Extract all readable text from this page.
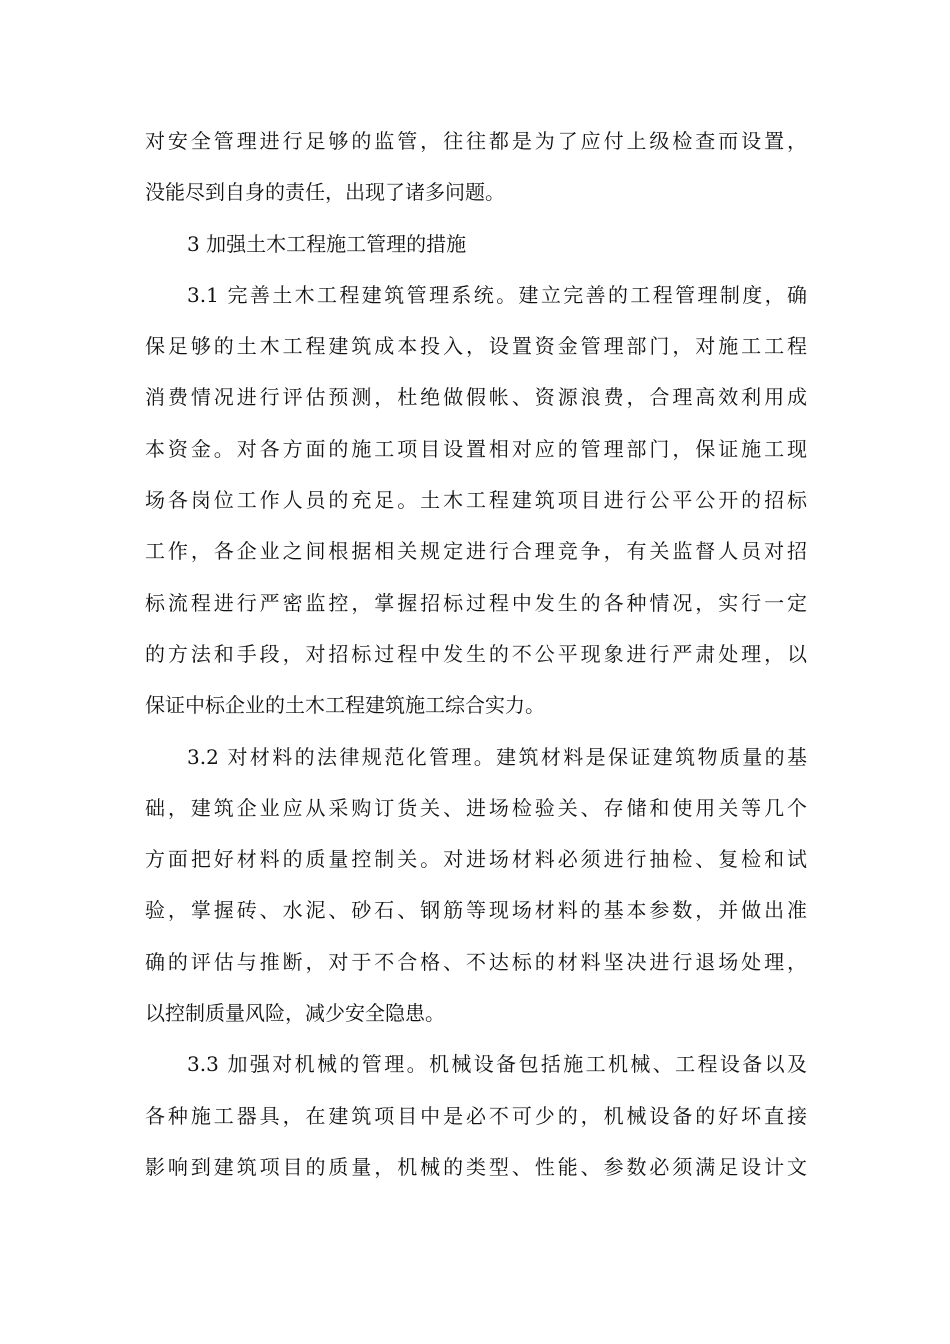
对安全管理进行足够的监管，往往都是为了应付上级检查而设置，
没能尽到自身的责任，出现了诸多问题。
3 加强土木工程施工管理的措施
3.1 完善土木工程建筑管理系统。建立完善的工程管理制度，确
保足够的土木工程建筑成本投入，设置资金管理部门，对施工工程
消费情况进行评估预测，杜绝做假帐、资源浪费，合理高效利用成
本资金。对各方面的施工项目设置相对应的管理部门，保证施工现
场各岗位工作人员的充足。土木工程建筑项目进行公平公开的招标
工作，各企业之间根据相关规定进行合理竞争，有关监督人员对招
标流程进行严密监控，掌握招标过程中发生的各种情况，实行一定
的方法和手段，对招标过程中发生的不公平现象进行严肃处理，以
保证中标企业的土木工程建筑施工综合实力。
3.2 对材料的法律规范化管理。建筑材料是保证建筑物质量的基
础，建筑企业应从采购订货关、进场检验关、存储和使用关等几个
方面把好材料的质量控制关。对进场材料必须进行抽检、复检和试
验，掌握砖、水泥、砂石、钢筋等现场材料的基本参数，并做出准
确的评估与推断，对于不合格、不达标的材料坚决进行退场处理，
以控制质量风险，减少安全隐患。
3.3 加强对机械的管理。机械设备包括施工机械、工程设备以及
各种施工器具，在建筑项目中是必不可少的，机械设备的好坏直接
影响到建筑项目的质量，机械的类型、性能、参数必须满足设计文
